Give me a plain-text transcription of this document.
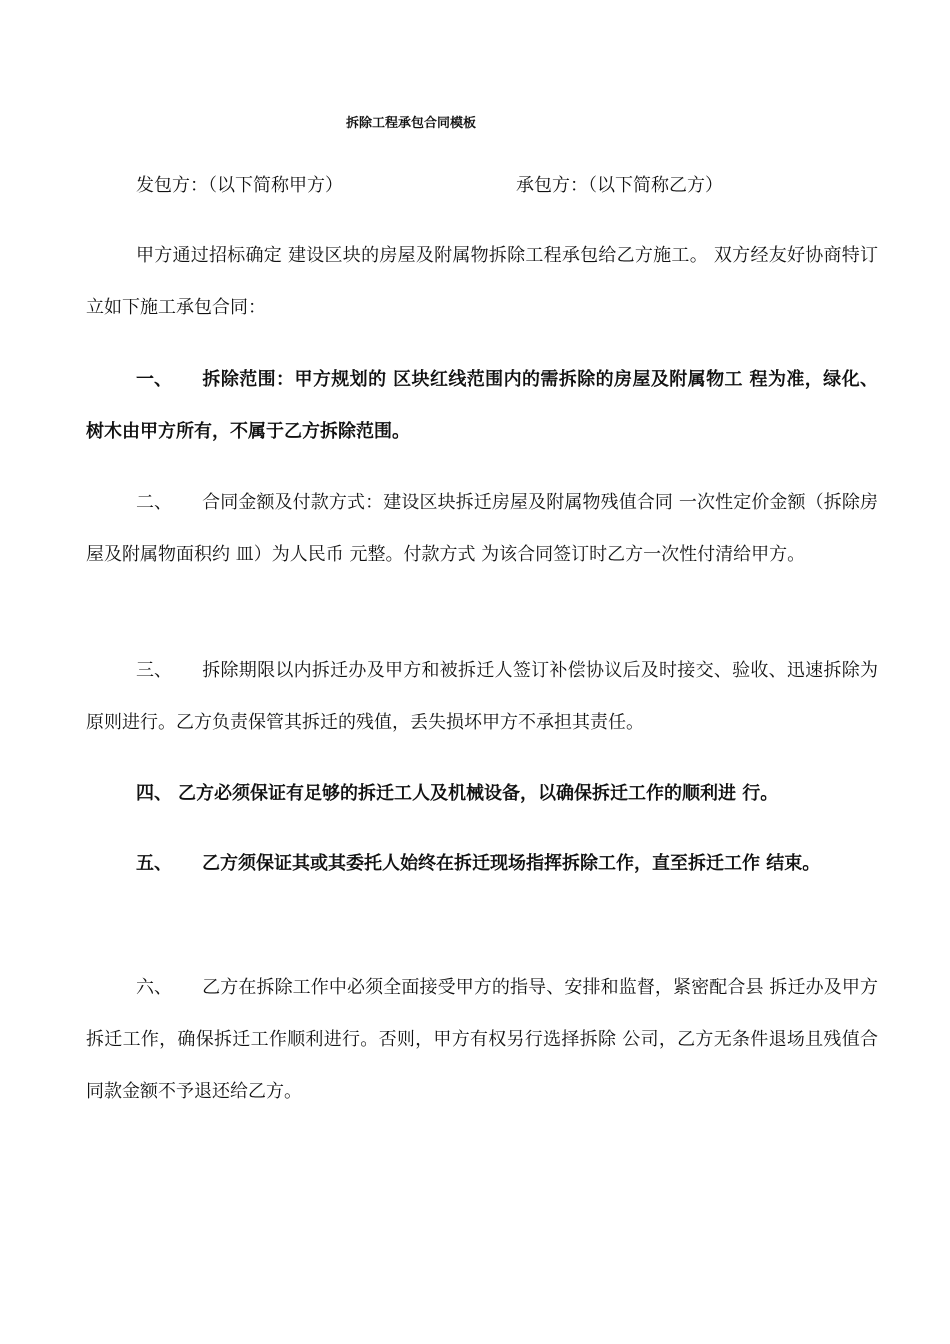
拆除工程承包合同模板
发包方：（以下简称甲方）	承包方：（以下简称乙方）

甲方通过招标确定 建设区块的房屋及附属物拆除工程承包给乙方施工。 双方经友好协商特订立如下施工承包合同：

一、 拆除范围：甲方规划的 区块红线范围内的需拆除的房屋及附属物工 程为准，绿化、树木由甲方所有，不属于乙方拆除范围。

二、 合同金额及付款方式：建设区块拆迁房屋及附属物残值合同 一次性定价金额（拆除房屋及附属物面积约 皿）为人民币 元整。付款方式 为该合同签订时乙方一次性付清给甲方。

三、 拆除期限以内拆迁办及甲方和被拆迁人签订补偿协议后及时接交、验收、迅速拆除为原则进行。乙方负责保管其拆迁的残值，丢失损坏甲方不承担其责任。

四、 乙方必须保证有足够的拆迁工人及机械设备，以确保拆迁工作的顺利进 行。

五、 乙方须保证其或其委托人始终在拆迁现场指挥拆除工作，直至拆迁工作 结束。

六、 乙方在拆除工作中必须全面接受甲方的指导、安排和监督，紧密配合县 拆迁办及甲方拆迁工作，确保拆迁工作顺利进行。否则，甲方有权另行选择拆除 公司，乙方无条件退场且残值合同款金额不予退还给乙方。
